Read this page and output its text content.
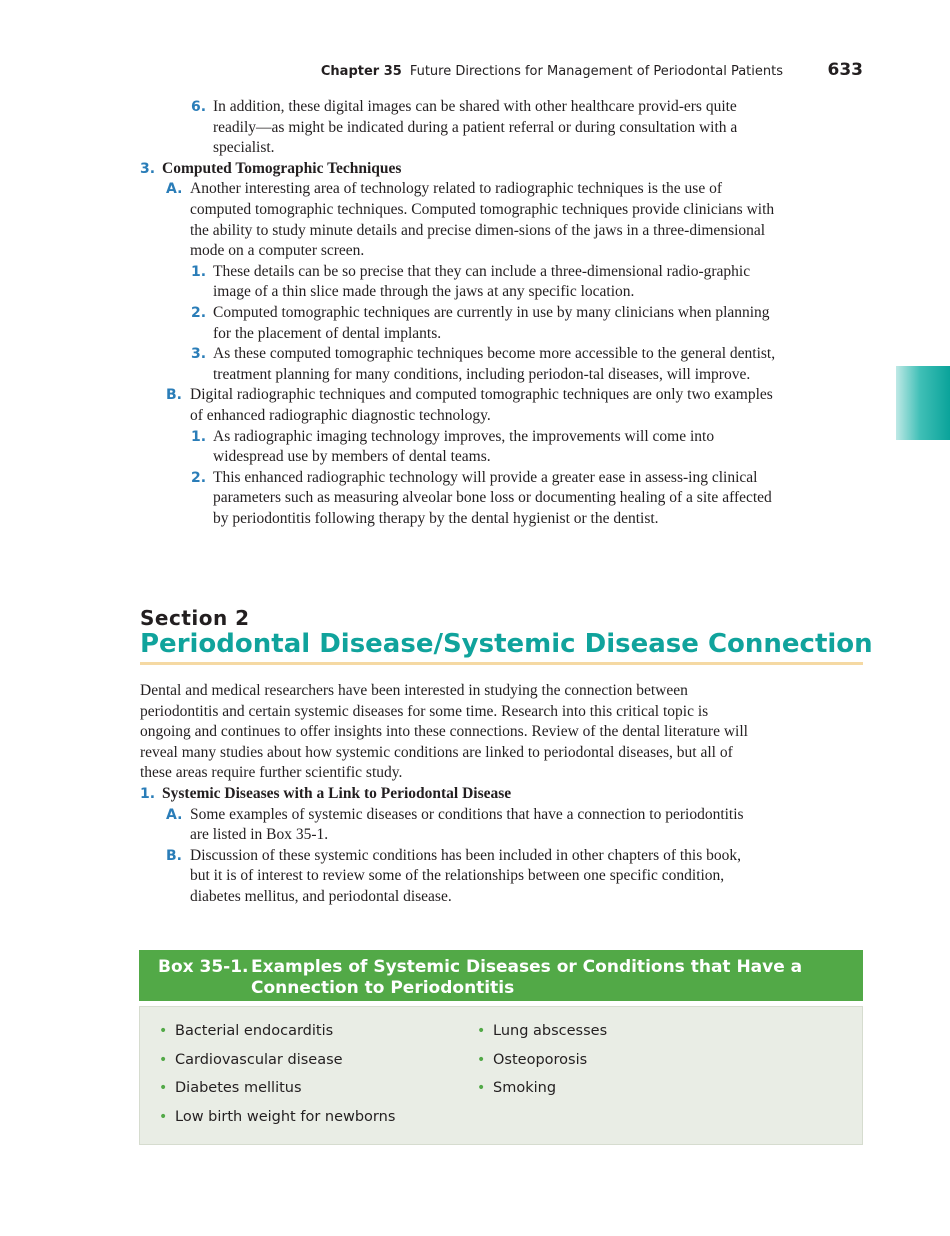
Chapter 35 Future Directions for Management of Periodontal Patients	633
6. In addition, these digital images can be shared with other healthcare provid-ers quite readily—as might be indicated during a patient referral or during consultation with a specialist.
3. Computed Tomographic Techniques
A. Another interesting area of technology related to radiographic techniques is the use of computed tomographic techniques. Computed tomographic techniques provide clinicians with the ability to study minute details and precise dimen-sions of the jaws in a three-dimensional mode on a computer screen.
1. These details can be so precise that they can include a three-dimensional radio-graphic image of a thin slice made through the jaws at any specific location.
2. Computed tomographic techniques are currently in use by many clinicians when planning for the placement of dental implants.
3. As these computed tomographic techniques become more accessible to the general dentist, treatment planning for many conditions, including periodon-tal diseases, will improve.
B. Digital radiographic techniques and computed tomographic techniques are only two examples of enhanced radiographic diagnostic technology.
1. As radiographic imaging technology improves, the improvements will come into widespread use by members of dental teams.
2. This enhanced radiographic technology will provide a greater ease in assess-ing clinical parameters such as measuring alveolar bone loss or documenting healing of a site affected by periodontitis following therapy by the dental hygienist or the dentist.
Section 2
Periodontal Disease/Systemic Disease Connection

Dental and medical researchers have been interested in studying the connection between periodontitis and certain systemic diseases for some time. Research into this critical topic is ongoing and continues to offer insights into these connections. Review of the dental literature will reveal many studies about how systemic conditions are linked to periodontal diseases, but all of these areas require further scientific study.

1. Systemic Diseases with a Link to Periodontal Disease
A. Some examples of systemic diseases or conditions that have a connection to periodontitis are listed in Box 35-1.
B. Discussion of these systemic conditions has been included in other chapters of this book, but it is of interest to review some of the relationships between one specific condition, diabetes mellitus, and periodontal disease.
Box 35-1. Examples of Systemic Diseases or Conditions that Have a Connection to Periodontitis
• Bacterial endocarditis
• Cardiovascular disease
• Diabetes mellitus
• Low birth weight for newborns
• Lung abscesses
• Osteoporosis
• Smoking
